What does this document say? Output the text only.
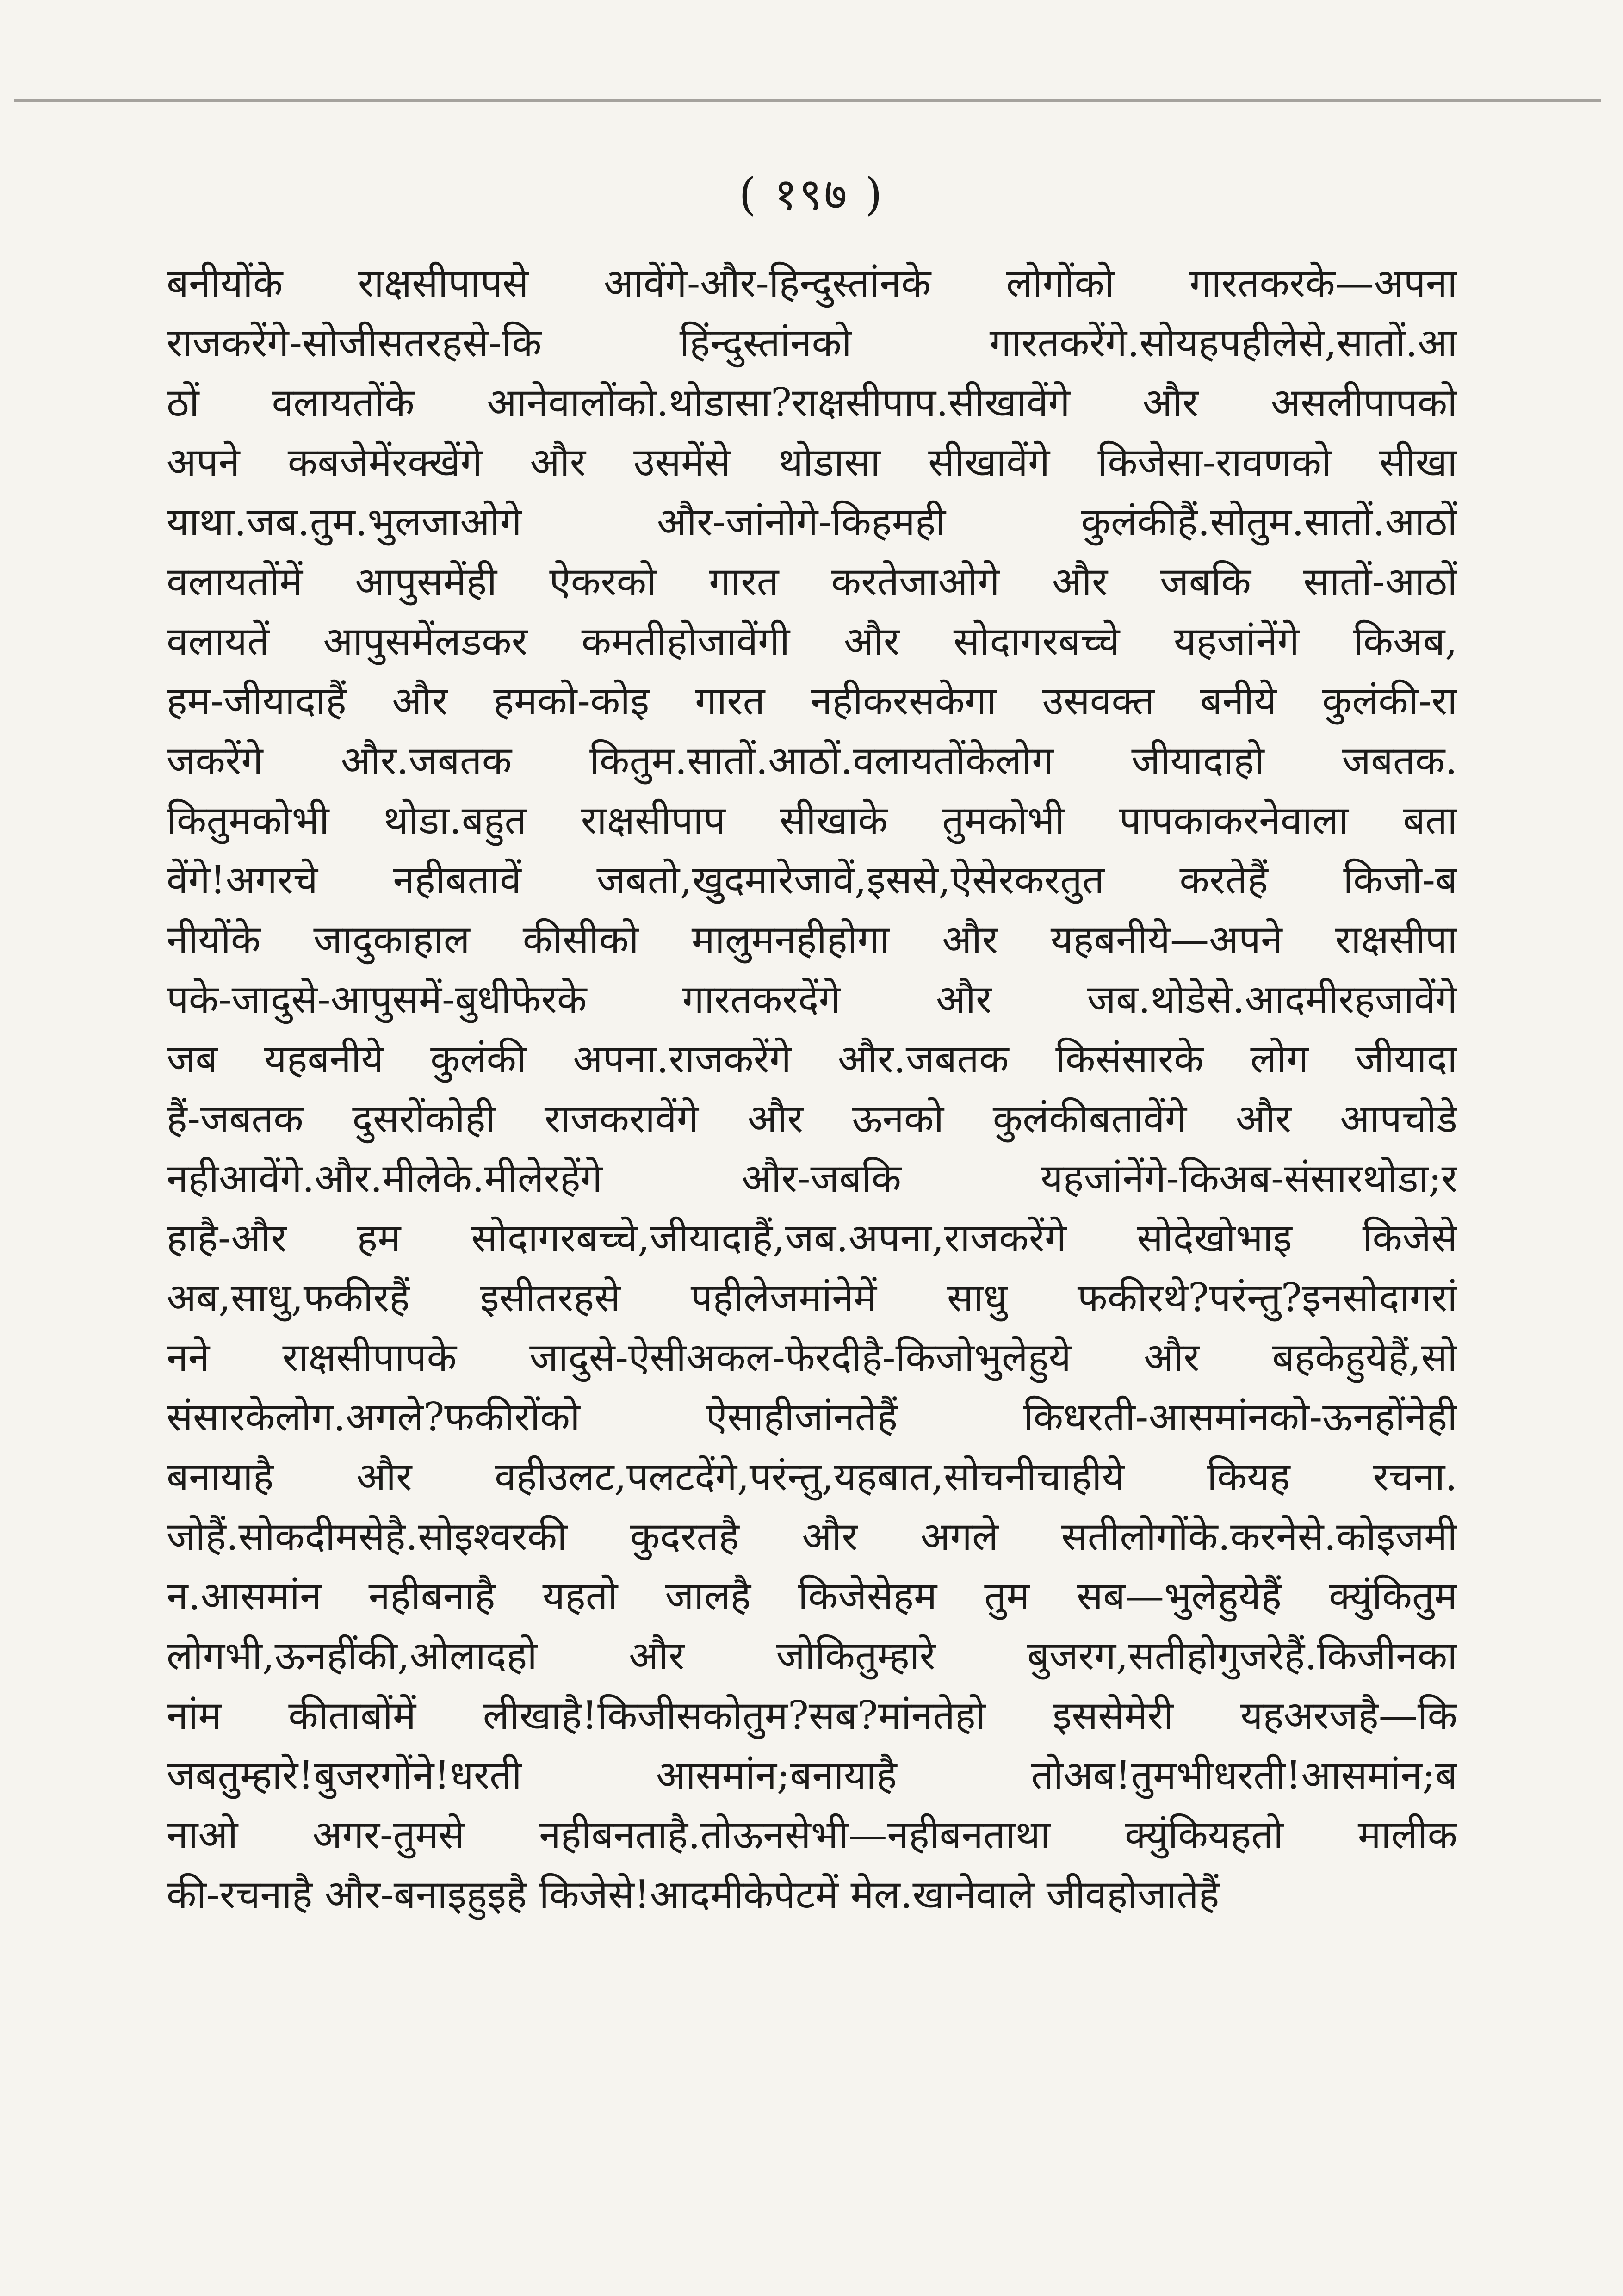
( १९७ )
बनीयोंके राक्षसीपापसे आवेंगे-और-हिन्दुस्तांनके लोगोंको गारतकरके—अपना
राजकरेंगे-सोजीसतरहसे-कि हिंन्दुस्तांनको गारतकरेंगे.सोयहपहीलेसे,सातों.आ
ठों वलायतोंके आनेवालोंको.थोडासा?राक्षसीपाप.सीखावेंगे और असलीपापको
अपने कबजेमेंरक्खेंगे और उसमेंसे थोडासा सीखावेंगे किजेसा-रावणको सीखा
याथा.जब.तुम.भुलजाओगे और-जांनोगे-किहमही कुलंकीहैं.सोतुम.सातों.आठों
वलायतोंमें आपुसमेंही ऐकरको गारत करतेजाओगे और जबकि सातों-आठों
वलायतें आपुसमेंलडकर कमतीहोजावेंगी और सोदागरबच्चे यहजांनेंगे किअब,
हम-जीयादाहैं और हमको-कोइ गारत नहीकरसकेगा उसवक्त बनीये कुलंकी-रा
जकरेंगे और.जबतक कितुम.सातों.आठों.वलायतोंकेलोग जीयादाहो जबतक.
कितुमकोभी थोडा.बहुत राक्षसीपाप सीखाके तुमकोभी पापकाकरनेवाला बता
वेंगे!अगरचे नहीबतावें जबतो,खुदमारेजावें,इससे,ऐसेरकरतुत करतेहैं किजो-ब
नीयोंके जादुकाहाल कीसीको मालुमनहीहोगा और यहबनीये—अपने राक्षसीपा
पके-जादुसे-आपुसमें-बुधीफेरके गारतकरदेंगे और जब.थोडेसे.आदमीरहजावेंगे
जब यहबनीये कुलंकी अपना.राजकरेंगे और.जबतक किसंसारके लोग जीयादा
हैं-जबतक दुसरोंकोही राजकरावेंगे और ऊनको कुलंकीबतावेंगे और आपचोडे
नहीआवेंगे.और.मीलेके.मीलेरहेंगे और-जबकि यहजांनेंगे-किअब-संसारथोडा;र
हाहै-और हम सोदागरबच्चे,जीयादाहैं,जब.अपना,राजकरेंगे सोदेखोभाइ किजेसे
अब,साधु,फकीरहैं इसीतरहसे पहीलेजमांनेमें साधु फकीरथे?परंन्तु?इनसोदागरां
नने राक्षसीपापके जादुसे-ऐसीअकल-फेरदीहै-किजोभुलेहुये और बहकेहुयेहैं,सो
संसारकेलोग.अगले?फकीरोंको ऐसाहीजांनतेहैं किधरती-आसमांनको-ऊनहोंनेही
बनायाहै और वहीउलट,पलटदेंगे,परंन्तु,यहबात,सोचनीचाहीये कियह रचना.
जोहैं.सोकदीमसेहै.सोइश्वरकी कुदरतहै और अगले सतीलोगोंके.करनेसे.कोइजमी
न.आसमांन नहीबनाहै यहतो जालहै किजेसेहम तुम सब—भुलेहुयेहैं क्युंकितुम
लोगभी,ऊनहींकी,ओलादहो और जोकितुम्हारे बुजरग,सतीहोगुजरेहैं.किजीनका
नांम कीताबोंमें लीखाहै!किजीसकोतुम?सब?मांनतेहो इससेमेरी यहअरजहै—कि
जबतुम्हारे!बुजरगोंने!धरती आसमांन;बनायाहै तोअब!तुमभीधरती!आसमांन;ब
नाओ अगर-तुमसे नहीबनताहै.तोऊनसेभी—नहीबनताथा क्युंकियहतो मालीक
की-रचनाहै और-बनाइहुइहै किजेसे!आदमीकेपेटमें मेल.खानेवाले जीवहोजातेहैं
